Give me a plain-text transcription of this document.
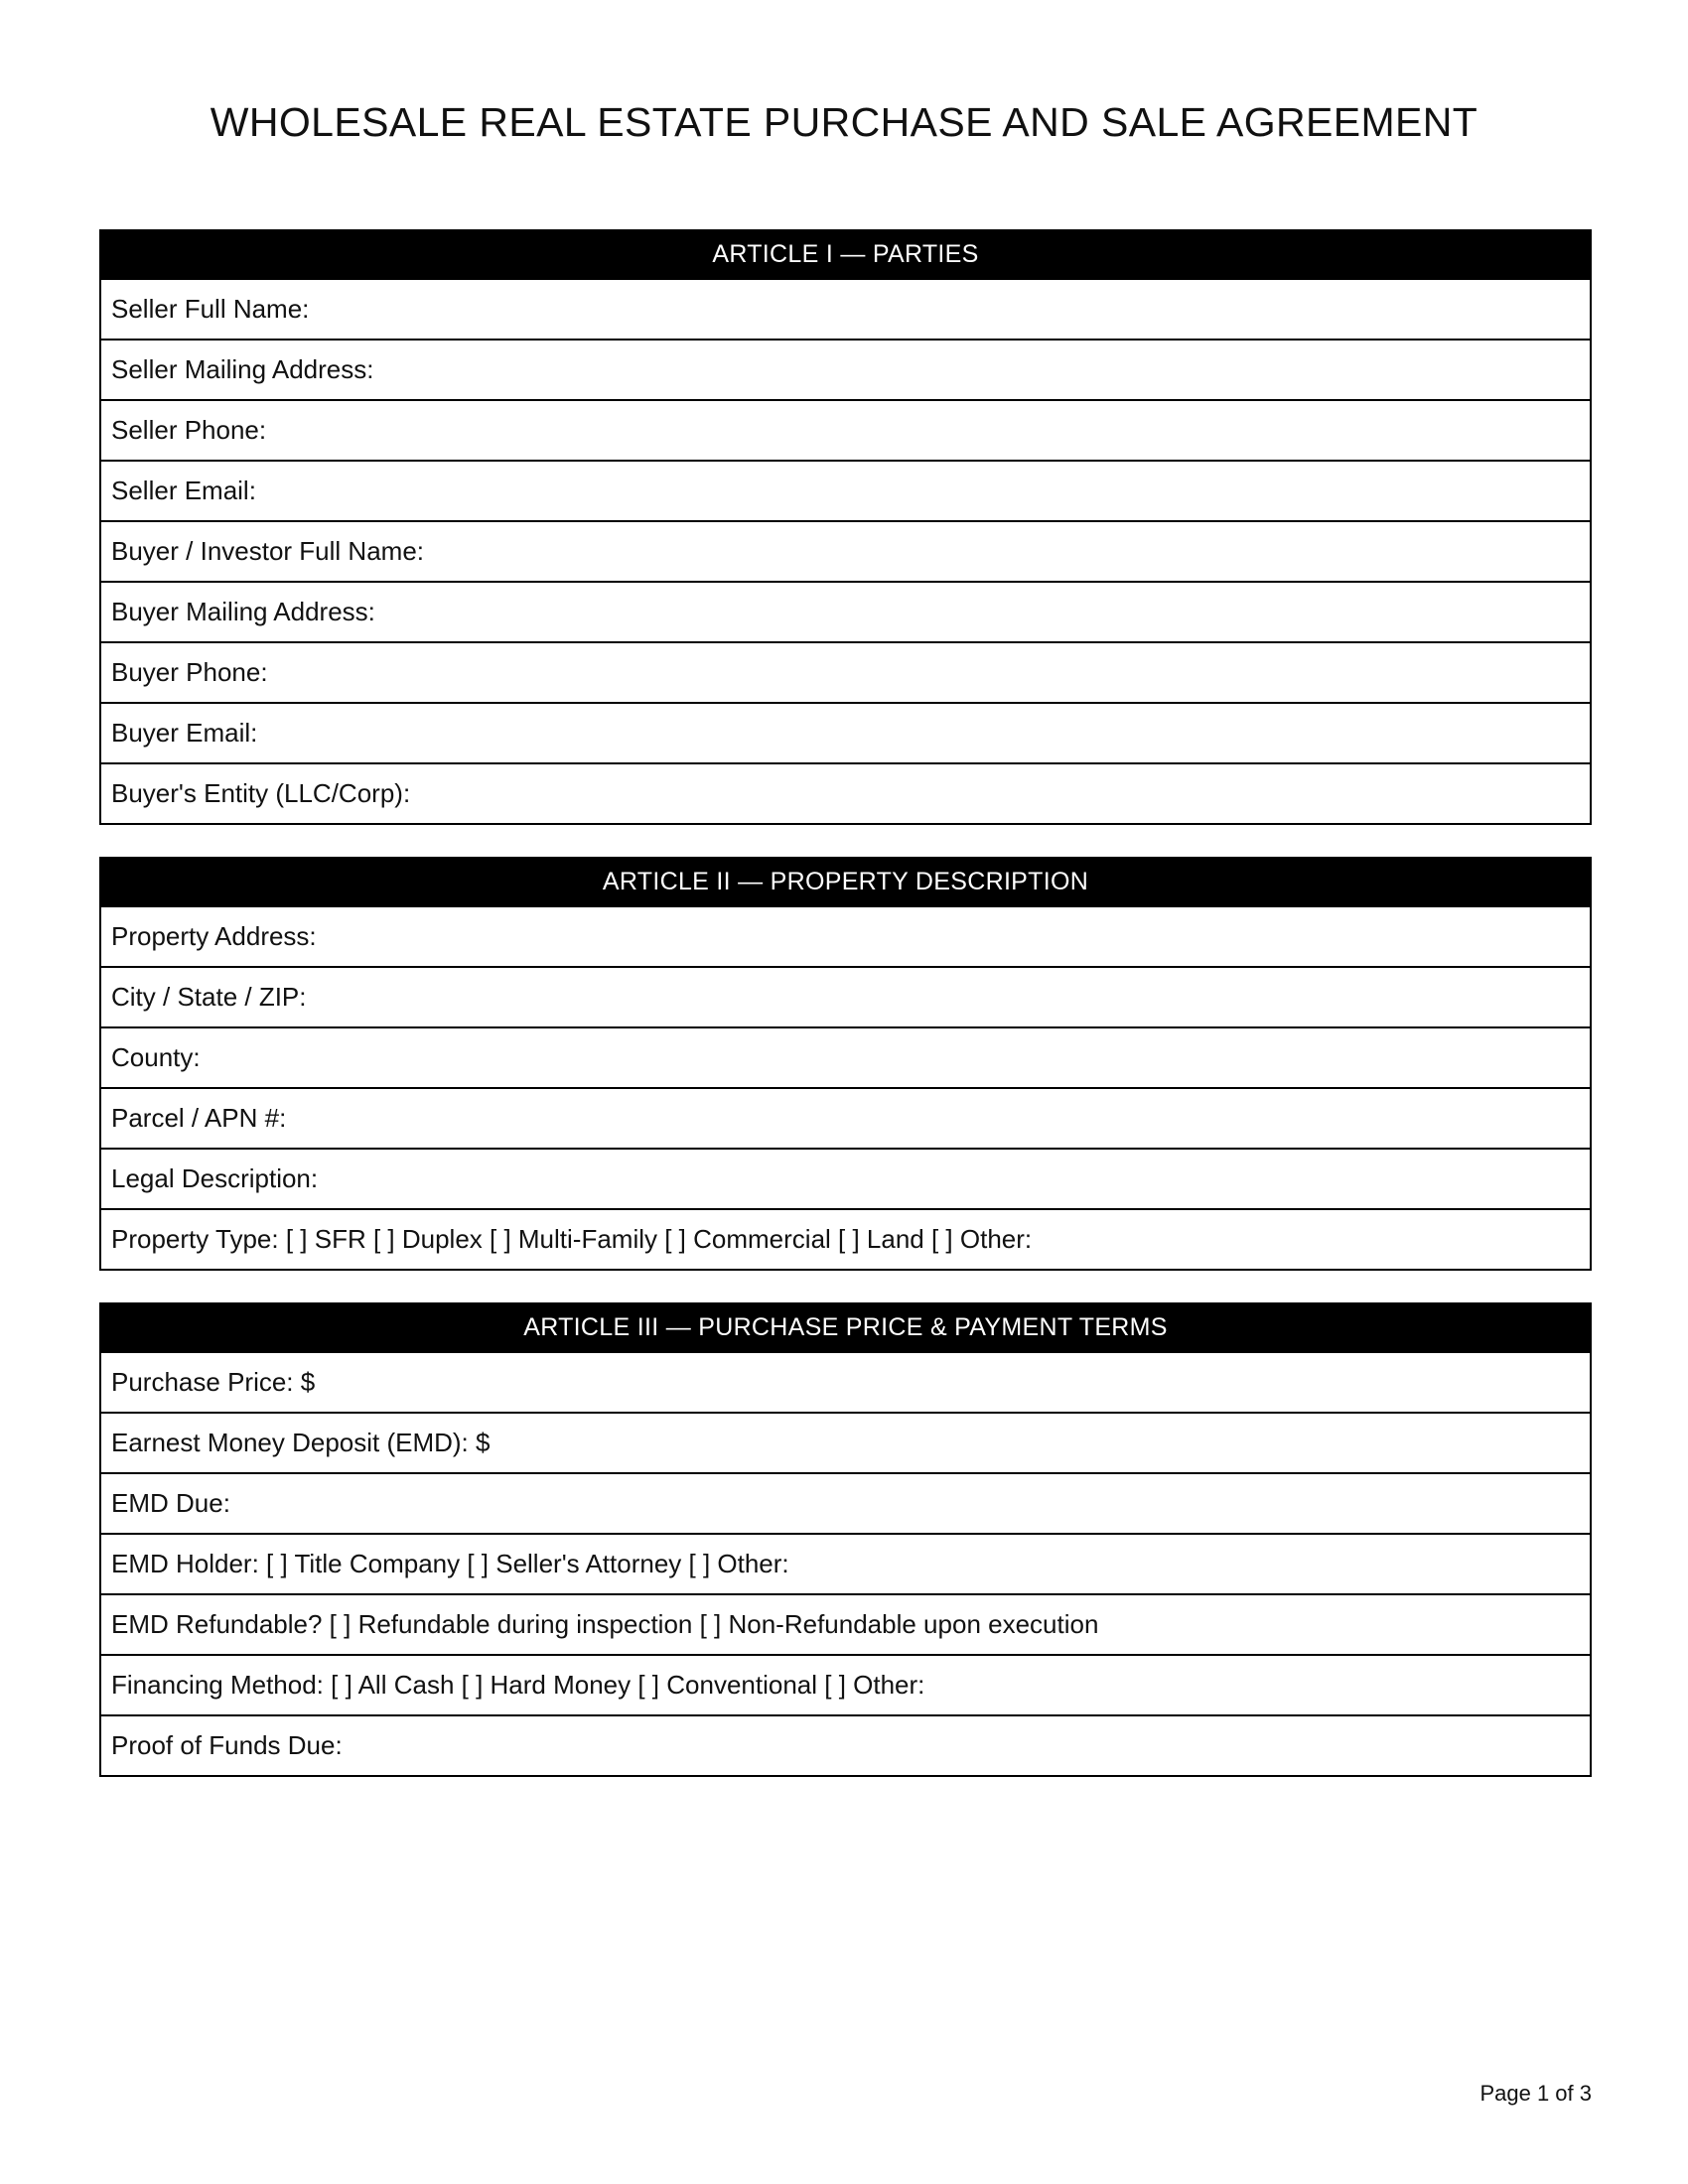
WHOLESALE REAL ESTATE PURCHASE AND SALE AGREEMENT
ARTICLE I — PARTIES
Seller Full Name:
Seller Mailing Address:
Seller Phone:
Seller Email:
Buyer / Investor Full Name:
Buyer Mailing Address:
Buyer Phone:
Buyer Email:
Buyer's Entity (LLC/Corp):
ARTICLE II — PROPERTY DESCRIPTION
Property Address:
City / State / ZIP:
County:
Parcel / APN #:
Legal Description:
Property Type: [ ] SFR [ ] Duplex [ ] Multi-Family [ ] Commercial [ ] Land [ ] Other:
ARTICLE III — PURCHASE PRICE & PAYMENT TERMS
Purchase Price: $
Earnest Money Deposit (EMD): $
EMD Due:
EMD Holder: [ ] Title Company [ ] Seller's Attorney [ ] Other:
EMD Refundable? [ ] Refundable during inspection [ ] Non-Refundable upon execution
Financing Method: [ ] All Cash [ ] Hard Money [ ] Conventional [ ] Other:
Proof of Funds Due:
Page 1 of 3
